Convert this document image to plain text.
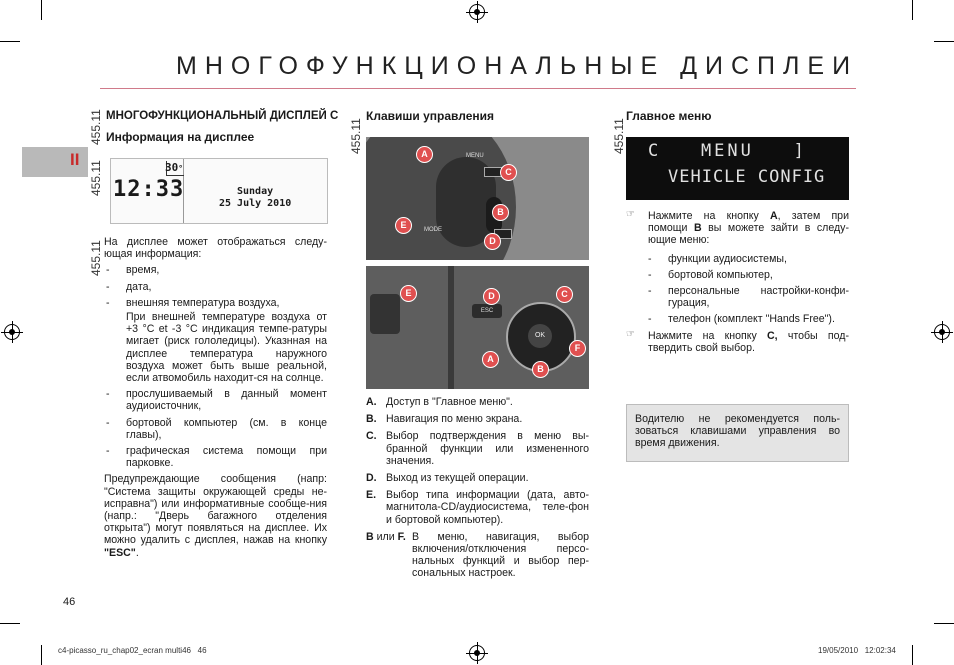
МНОГОФУНКЦИОНАЛЬНЫЕ ДИСПЛЕИ
II
455.11
455.11
455.11
455.11	455.11
МНОГОФУНКЦИОНАЛЬНЫЙ ДИСПЛЕЙ С
Информация на дисплее
30°
12:33	Sunday
25 July 2010
На дисплее может отображаться следу-ющая информация:
- время,
- дата,
- внешняя температура воздуха,
При внешней температуре воздуха от +3 °C et -3 °C индикация темпе-ратуры мигает (риск гололедицы). Указнная на дисплее температура наружного воздуха может быть выше реальной, если атвомобиль находит-ся на солнце.
- прослушиваемый в данный момент аудиоисточник,
- бортовой компьютер (см. в конце главы),
- графическая система помощи при парковке.
Предупреждающие сообщения (напр: "Система защиты окружающей среды не-исправна") или информативные сообще-ния (напр.: "Дверь багажного отделения открыта") могут появляться на дисплее. Их можно удалить с дисплея, нажав на кнопку "ESC".
Клавиши управления
MENU
MODE
A
C
E
B
D
ESC
OK
E	D	C
F
A
B
A. Доступ в "Главное меню".
B. Навигация по меню экрана.
C. Выбор подтверждения в меню вы-бранной функции или измененного значения.
D. Выход из текущей операции.
E. Выбор типа информации (дата, авто-магнитола-CD/аудиосистема, теле-фон и бортовой компьютер).
B или F. В меню, навигация, выбор включения/отключения персо-нальных функций и выбор пер-сональных настроек.
Главное меню
C   MENU   ]
VEHICLE CONFIG
☞ Нажмите на кнопку A, затем при помощи B вы можете зайти в следу-ющие меню:
- функции аудиосистемы,
- бортовой компьютер,
- персональные настройки-конфи-гурация,
- телефон (комплект "Hands Free").
☞ Нажмите на кнопку C, чтобы под-твердить свой выбор.
Водителю не рекомендуется поль-зоваться клавишами управления во время движения.
46
c4-picasso_ru_chap02_ecran multi46   46	19/05/2010   12:02:34
